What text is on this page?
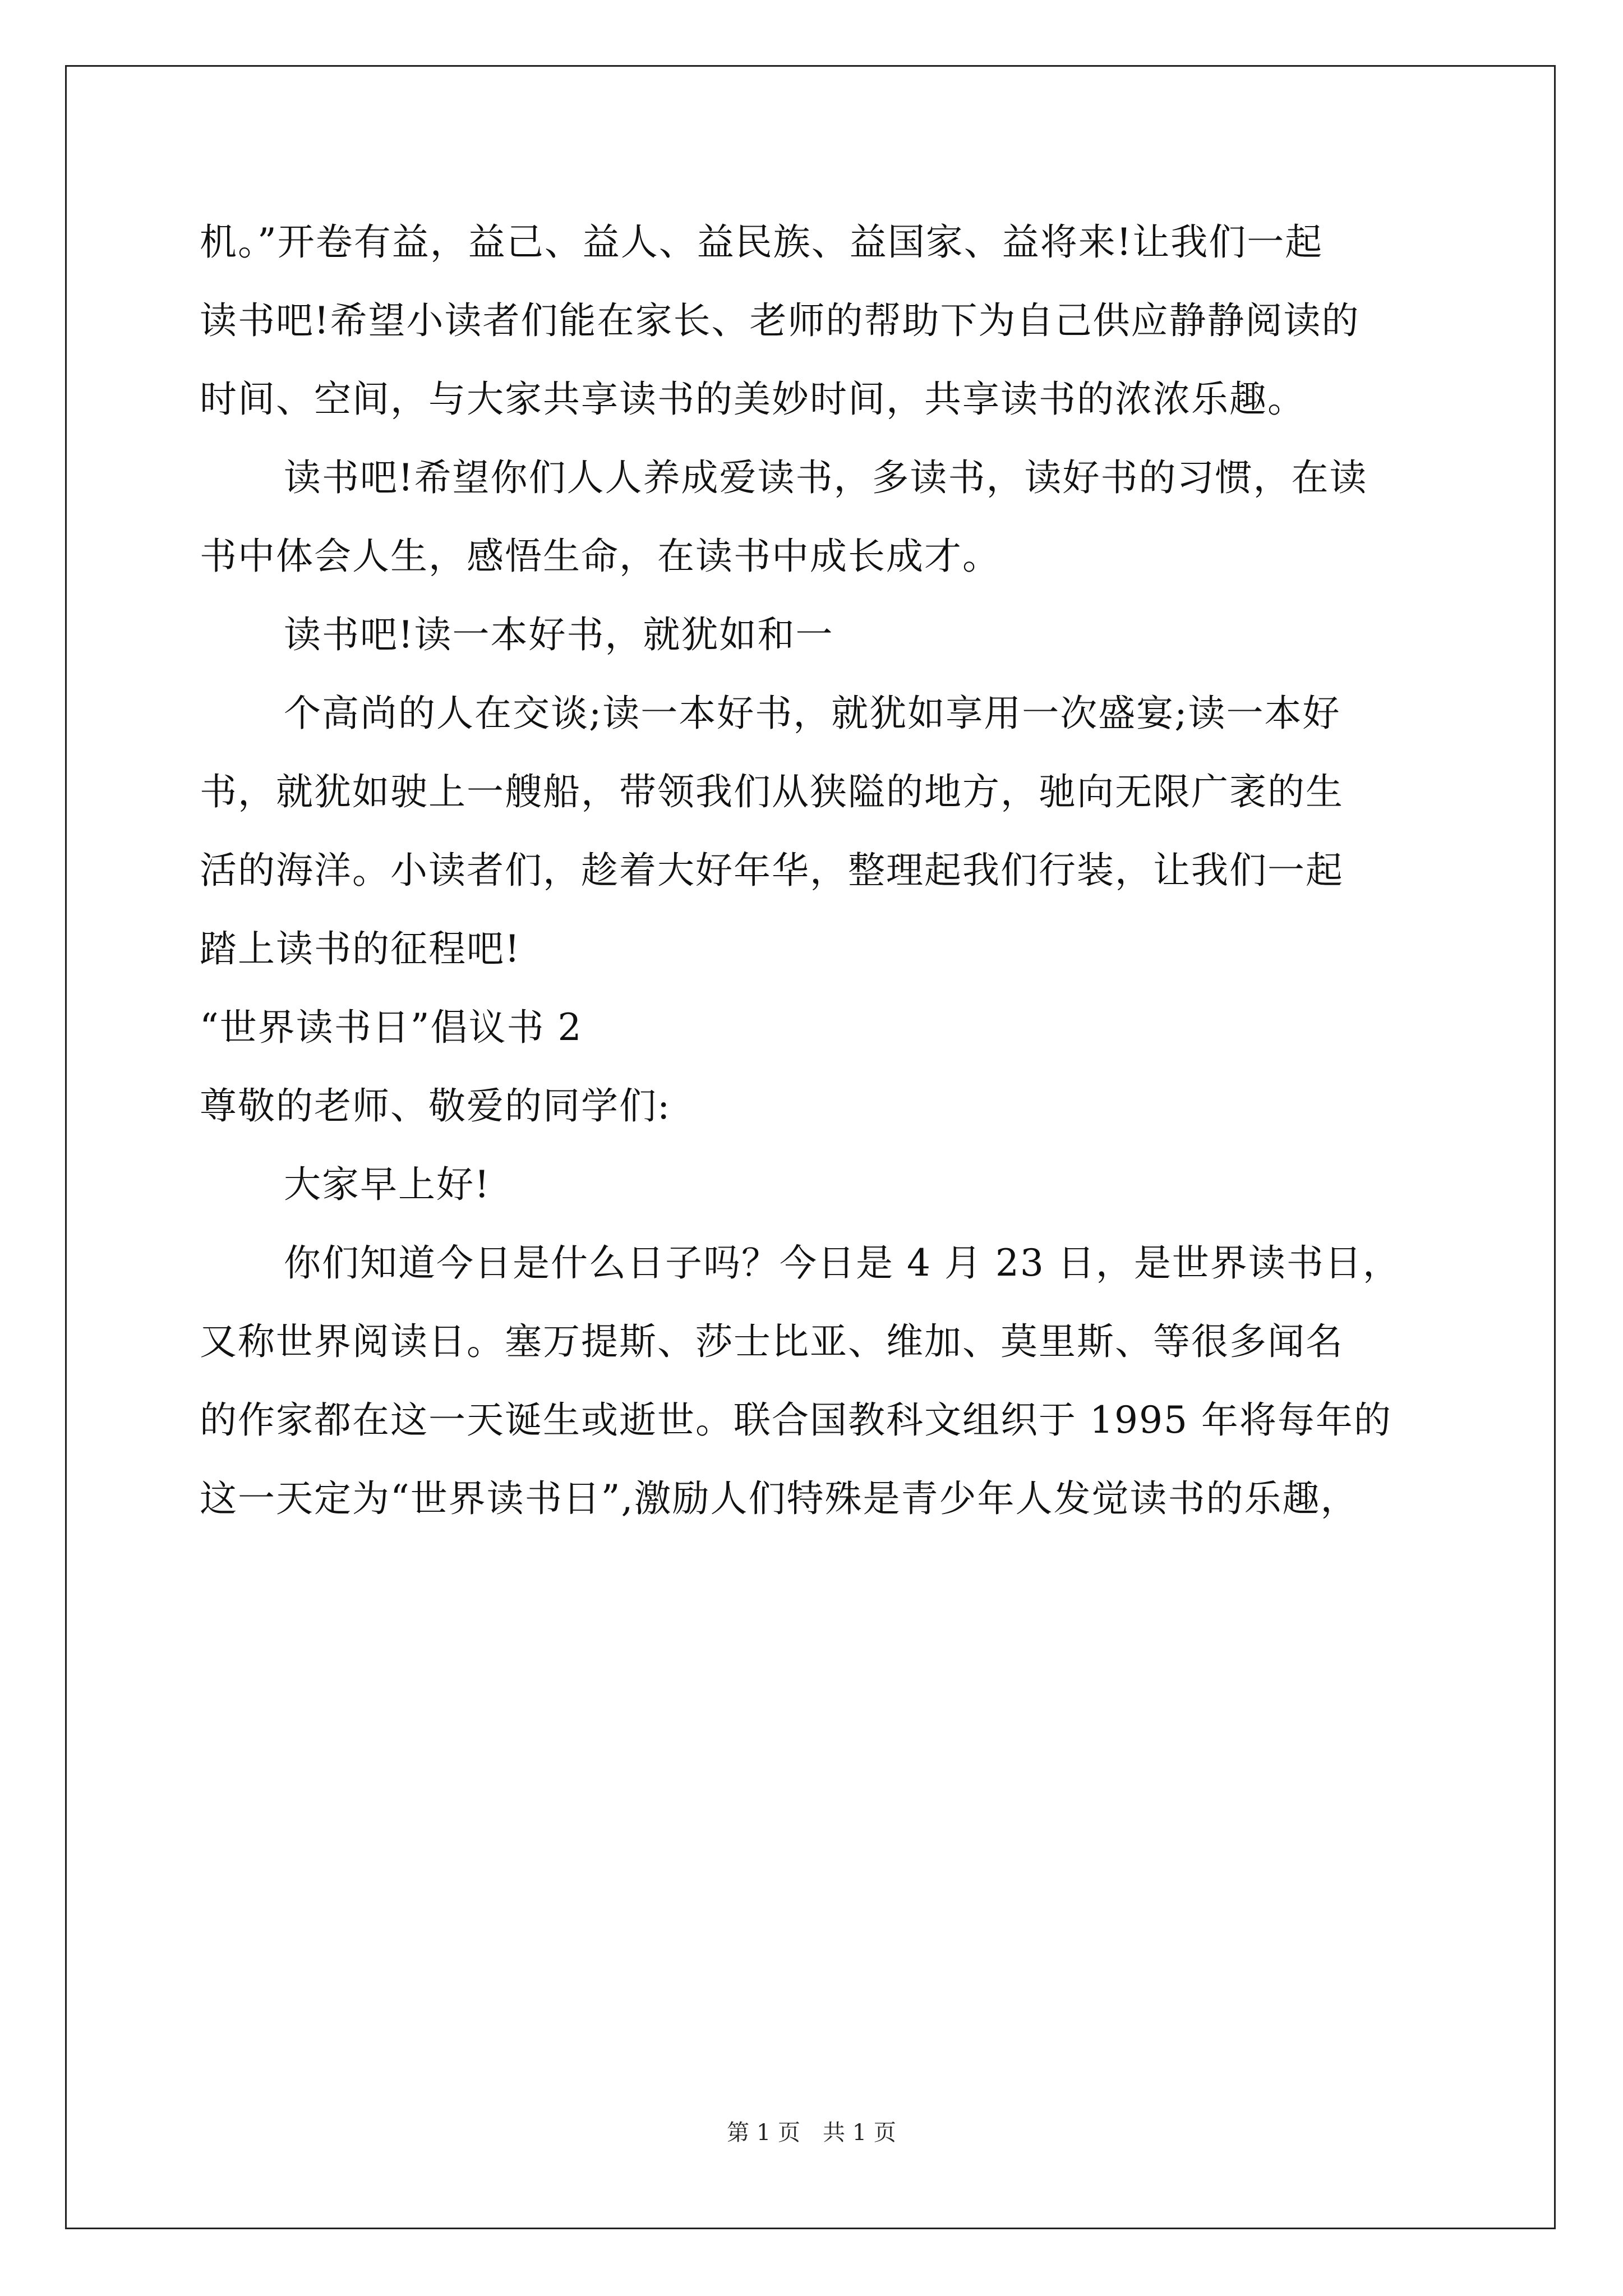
机。”开卷有益，益己、益人、益民族、益国家、益将来!让我们一起
读书吧!希望小读者们能在家长、老师的帮助下为自己供应静静阅读的
时间、空间，与大家共享读书的美妙时间，共享读书的浓浓乐趣。
读书吧!希望你们人人养成爱读书，多读书，读好书的习惯，在读
书中体会人生，感悟生命，在读书中成长成才。
读书吧!读一本好书，就犹如和一
个高尚的人在交谈;读一本好书，就犹如享用一次盛宴;读一本好
书，就犹如驶上一艘船，带领我们从狭隘的地方，驰向无限广袤的生
活的海洋。小读者们，趁着大好年华，整理起我们行装，让我们一起
踏上读书的征程吧!
“世界读书日”倡议书 2
尊敬的老师、敬爱的同学们:
大家早上好!
你们知道今日是什么日子吗？今日是 4 月 23 日，是世界读书日，
又称世界阅读日。塞万提斯、莎士比亚、维加、莫里斯、等很多闻名
的作家都在这一天诞生或逝世。联合国教科文组织于 1995 年将每年的
这一天定为“世界读书日”,激励人们特殊是青少年人发觉读书的乐趣，
第 1 页　共 1 页
